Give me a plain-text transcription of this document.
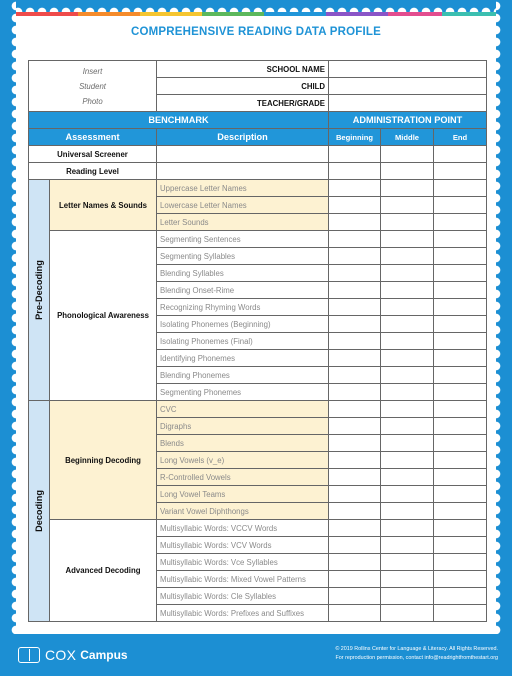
COMPREHENSIVE READING DATA PROFILE
Insert
Student
Photo		SCHOOL NAME			
		CHILD			
		TEACHER/GRADE			
BENCHMARK			ADMINISTRATION POINT		
Assessment		Description	Beginning	Middle	End
Universal Screener					
Reading Level					

Pre-Decoding	Letter Names & Sounds	Uppercase Letter Names			
		Lowercase Letter Names			
		Letter Sounds			
	Phonological Awareness	Segmenting Sentences			
		Segmenting Syllables			
		Blending Syllables			
		Blending Onset-Rime			
		Recognizing Rhyming Words			
		Isolating Phonemes (Beginning)			
		Isolating Phonemes (Final)			
		Identifying Phonemes			
		Blending Phonemes			
		Segmenting Phonemes			

Decoding	Beginning Decoding	CVC			
		Digraphs			
		Blends			
		Long Vowels (v_e)			
		R-Controlled Vowels			
		Long Vowel Teams			
		Variant Vowel Diphthongs			
	Advanced Decoding	Multisyllabic Words: VCCV Words			
		Multisyllabic Words: VCV Words			
		Multisyllabic Words: Vce Syllables			
		Multisyllabic Words: Mixed Vowel Patterns			
		Multisyllabic Words: Cle Syllables			
		Multisyllabic Words: Prefixes and Suffixes			
COX Campus	© 2019 Rollins Center for Language & Literacy. All Rights Reserved.
For reproduction permission, contact info@readrightfromthestart.org
